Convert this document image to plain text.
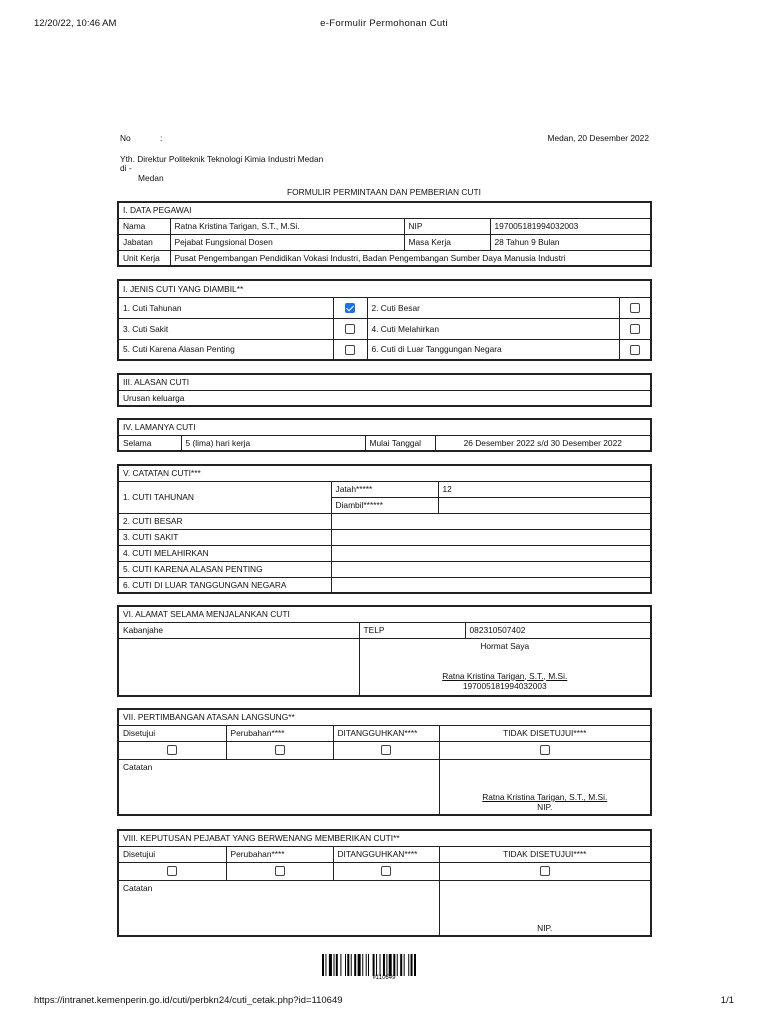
12/20/22, 10:46 AM	e-Formulir Permohonan Cuti
https://intranet.kemenperin.go.id/cuti/perbkn24/cuti_cetak.php?id=110649	1/1
No	:	Medan, 20 Desember 2022
Yth. Direktur Politeknik Teknologi Kimia Industri Medan
di -
Medan
FORMULIR PERMINTAAN DAN PEMBERIAN CUTI
I. DATA PEGAWAI			
Nama	Ratna Kristina Tarigan, S.T., M.Si.	NIP	197005181994032003
Jabatan	Pejabat Fungsional Dosen	Masa Kerja	28 Tahun 9 Bulan
Unit Kerja	Pusat Pengembangan Pendidikan Vokasi Industri, Badan Pengembangan Sumber Daya Manusia Industri		
I. JENIS CUTI YANG DIAMBIL**			
1. Cuti Tahunan		2. Cuti Besar	
3. Cuti Sakit		4. Cuti Melahirkan	
5. Cuti Karena Alasan Penting		6. Cuti di Luar Tanggungan Negara	
III. ALASAN CUTI
Urusan keluarga
IV. LAMANYA CUTI
Selama	5 (lima) hari kerja	Mulai Tanggal	26 Desember 2022 s/d 30 Desember 2022
V. CATATAN CUTI***		
1. CUTI TAHUNAN	Jatah*****	12
	Diambil******	
2. CUTI BESAR		
3. CUTI SAKIT		
4. CUTI MELAHIRKAN		
5. CUTI KARENA ALASAN PENTING		
6. CUTI DI LUAR TANGGUNGAN NEGARA		
VI. ALAMAT SELAMA MENJALANKAN CUTI		
Kabanjahe	TELP	082310507402

	Hormat Saya
Ratna Kristina Tarigan, S.T., M.Si.
197005181994032003	
VII. PERTIMBANGAN ATASAN LANGSUNG**			
Disetujui	Perubahan****	DITANGGUHKAN****	TIDAK DISETUJUI****

Catatan			Ratna Kristina Tarigan, S.T., M.Si.
NIP.
VIII. KEPUTUSAN PEJABAT YANG BERWENANG MEMBERIKAN CUTI**			
Disetujui	Perubahan****	DITANGGUHKAN****	TIDAK DISETUJUI****

Catatan			NIP.
#110649
